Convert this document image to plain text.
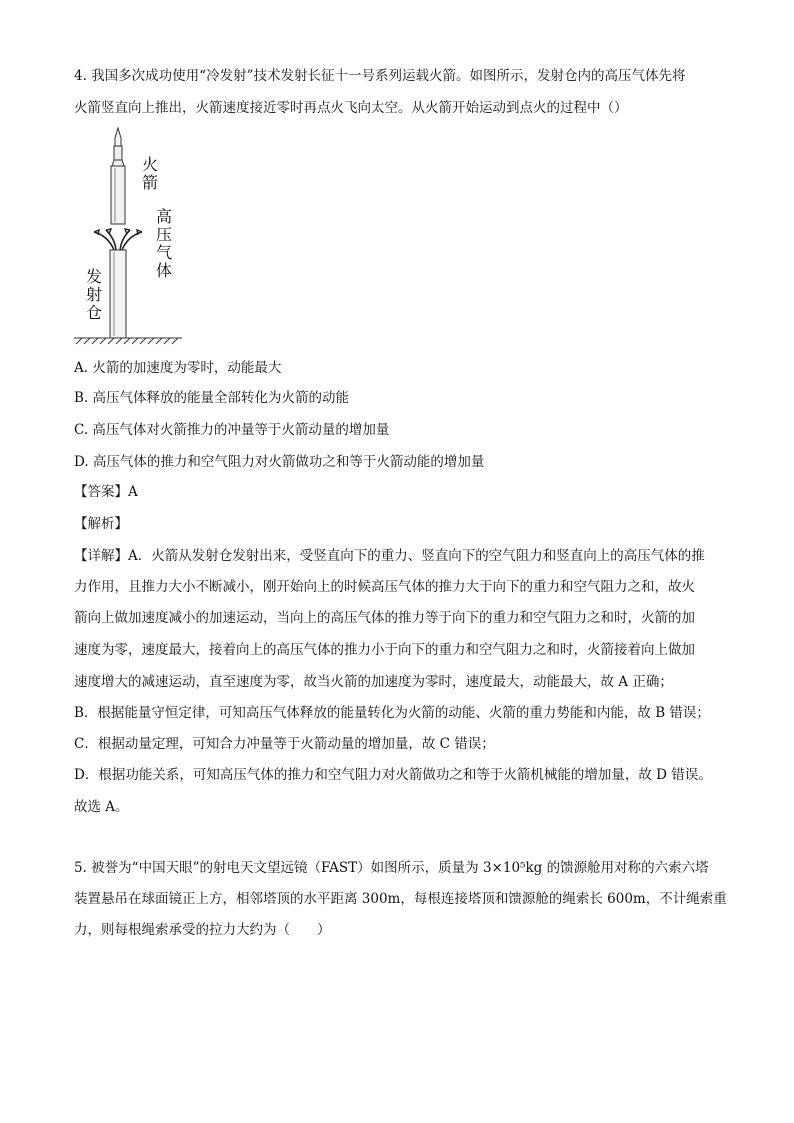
4. 我国多次成功使用“冷发射”技术发射长征十一号系列运载火箭。如图所示，发射仓内的高压气体先将
火箭竖直向上推出，火箭速度接近零时再点火飞向太空。从火箭开始运动到点火的过程中（）
火
箭
高
压
气
体
发
射
仓
A. 火箭的加速度为零时，动能最大
B. 高压气体释放的能量全部转化为火箭的动能
C. 高压气体对火箭推力的冲量等于火箭动量的增加量
D. 高压气体的推力和空气阻力对火箭做功之和等于火箭动能的增加量
【答案】A
【解析】
【详解】A．火箭从发射仓发射出来，受竖直向下的重力、竖直向下的空气阻力和竖直向上的高压气体的推
力作用，且推力大小不断减小，刚开始向上的时候高压气体的推力大于向下的重力和空气阻力之和，故火
箭向上做加速度减小的加速运动，当向上的高压气体的推力等于向下的重力和空气阻力之和时，火箭的加
速度为零，速度最大，接着向上的高压气体的推力小于向下的重力和空气阻力之和时，火箭接着向上做加
速度增大的减速运动，直至速度为零，故当火箭的加速度为零时，速度最大，动能最大，故 A 正确；
B．根据能量守恒定律，可知高压气体释放的能量转化为火箭的动能、火箭的重力势能和内能，故 B 错误；
C．根据动量定理，可知合力冲量等于火箭动量的增加量，故 C 错误；
D．根据功能关系，可知高压气体的推力和空气阻力对火箭做功之和等于火箭机械能的增加量，故 D 错误。
故选 A。
5. 被誉为“中国天眼”的射电天文望远镜（FAST）如图所示，质量为 3×10⁵kg 的馈源舱用对称的六索六塔
装置悬吊在球面镜正上方，相邻塔顶的水平距离 300m，每根连接塔顶和馈源舱的绳索长 600m，不计绳索重
力，则每根绳索承受的拉力大约为（　　）
